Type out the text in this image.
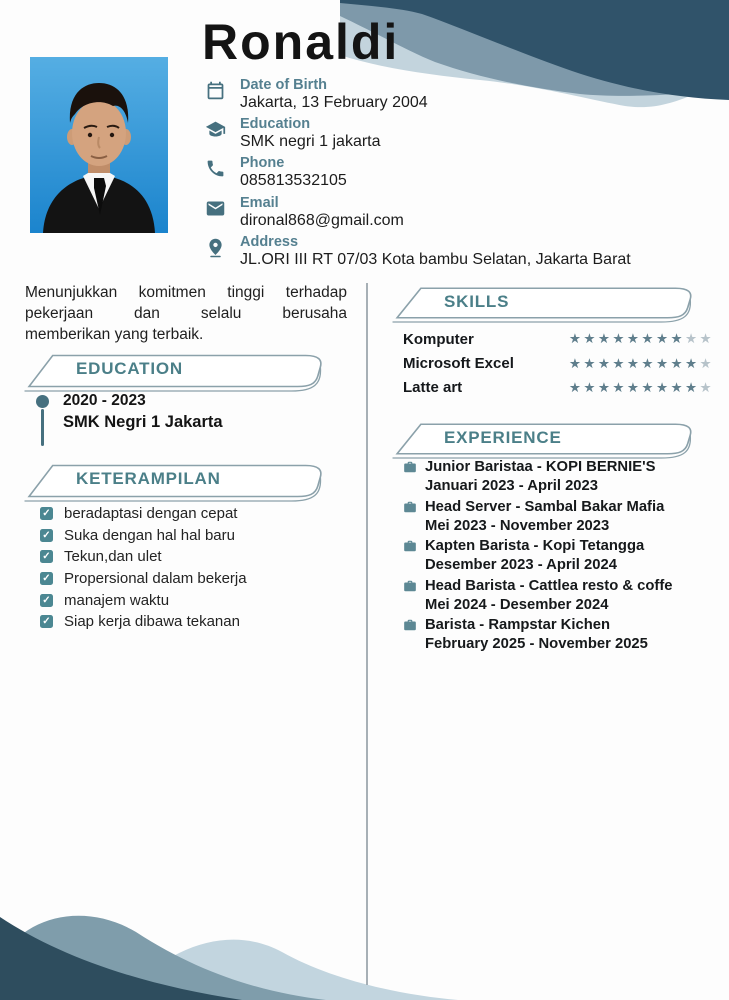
Ronaldi
Date of Birth
Jakarta, 13 February 2004
Education
SMK negri 1 jakarta
Phone
085813532105
Email
dironal868@gmail.com
Address
JL.ORI III RT 07/03 Kota bambu Selatan, Jakarta Barat
Menunjukkan komitmen tinggi terhadap
pekerjaan dan selalu berusaha
memberikan yang terbaik.
EDUCATION
2020 - 2023
SMK Negri 1 Jakarta
KETERAMPILAN
✓ beradaptasi dengan cepat
✓ Suka dengan hal hal baru
✓ Tekun,dan ulet
✓ Propersional dalam bekerja
✓ manajem waktu
✓ Siap kerja dibawa tekanan
SKILLS
Komputer	★★★★★★★★★★
Microsoft Excel	★★★★★★★★★★
Latte art	★★★★★★★★★★
EXPERIENCE
Junior Baristaa - KOPI BERNIE'S
Januari 2023 - April 2023
Head Server - Sambal Bakar Mafia
Mei 2023 - November 2023
Kapten Barista - Kopi Tetangga
Desember 2023 - April 2024
Head Barista - Cattlea resto & coffe
Mei 2024 - Desember 2024
Barista - Rampstar Kichen
February 2025 - November 2025
